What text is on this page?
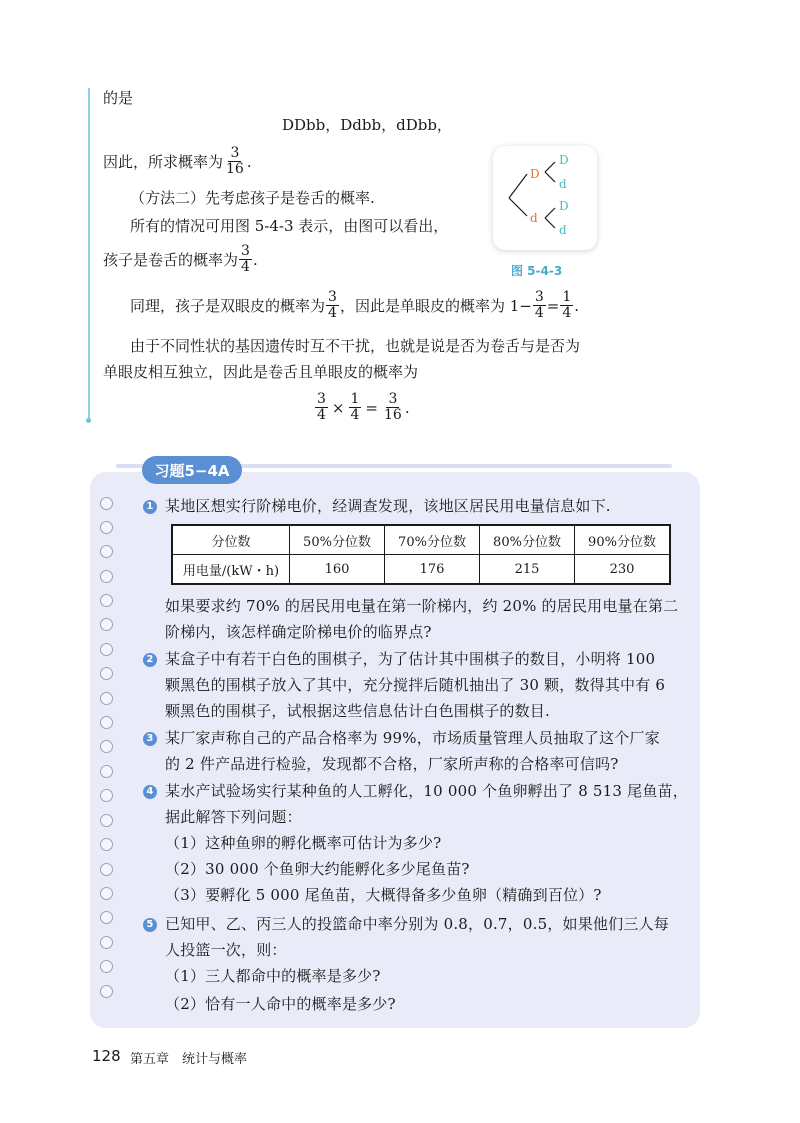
的是
DDbb，Ddbb，dDbb，
因此，所求概率为 $\frac{3}{16}$ .
（方法二）先考虑孩子是卷舌的概率.
所有的情况可用图 5-4-3 表示，由图可以看出，
孩子是卷舌的概率为 $\frac{3}{4}$ .
同理，孩子是双眼皮的概率为 $\frac{3}{4}$ ，因此是单眼皮的概率为 $1- \frac{3}{4} = \frac{1}{4}$ .
由于不同性状的基因遗传时互不干扰，也就是说是否为卷舌与是否为
单眼皮相互独立，因此是卷舌且单眼皮的概率为
$\frac{3}{4} \times \frac{1}{4} = \frac{3}{16}$ .
D
d
D
d
D
d
图 5-4-3
习题5−4A
1 某地区想实行阶梯电价，经调查发现，该地区居民用电量信息如下.
分位数	50%分位数	70%分位数	80%分位数	90%分位数
用电量/(kW・h)	160	176	215	230
如果要求约 70% 的居民用电量在第一阶梯内，约 20% 的居民用电量在第二
阶梯内，该怎样确定阶梯电价的临界点?
2 某盒子中有若干白色的围棋子，为了估计其中围棋子的数目，小明将 100
颗黑色的围棋子放入了其中，充分搅拌后随机抽出了 30 颗，数得其中有 6
颗黑色的围棋子，试根据这些信息估计白色围棋子的数目.
3 某厂家声称自己的产品合格率为 99%，市场质量管理人员抽取了这个厂家
的 2 件产品进行检验，发现都不合格，厂家所声称的合格率可信吗?
4 某水产试验场实行某种鱼的人工孵化，10 000 个鱼卵孵出了 8 513 尾鱼苗，
据此解答下列问题：
（1）这种鱼卵的孵化概率可估计为多少?
（2）30 000 个鱼卵大约能孵化多少尾鱼苗?
（3）要孵化 5 000 尾鱼苗，大概得备多少鱼卵（精确到百位）?
5 已知甲、乙、丙三人的投篮命中率分别为 0.8，0.7，0.5，如果他们三人每
人投篮一次，则：
（1）三人都命中的概率是多少?
（2）恰有一人命中的概率是多少?
128 第五章　统计与概率
